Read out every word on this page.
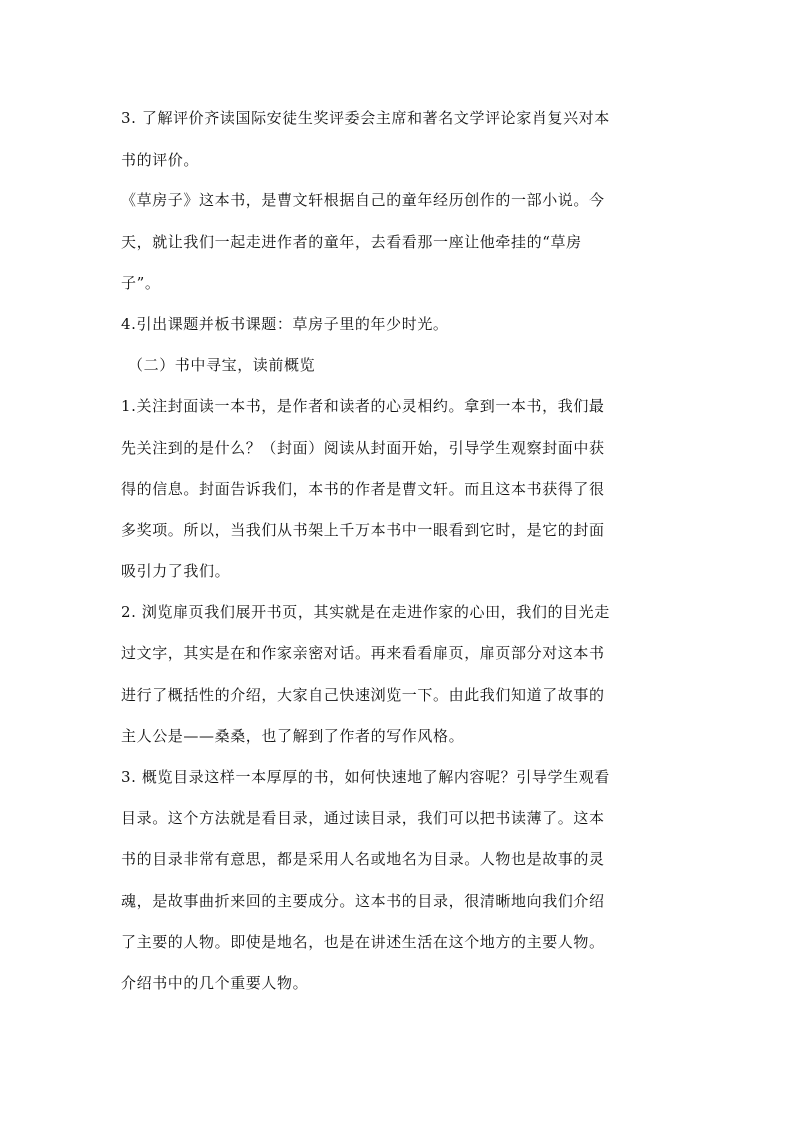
3. 了解评价齐读国际安徒生奖评委会主席和著名文学评论家肖复兴对本
书的评价。
《草房子》这本书，是曹文轩根据自己的童年经历创作的一部小说。今
天，就让我们一起走进作者的童年，去看看那一座让他牵挂的“草房
子”。
4.引出课题并板书课题：草房子里的年少时光。
（二）书中寻宝，读前概览
1.关注封面读一本书，是作者和读者的心灵相约。拿到一本书，我们最
先关注到的是什么？（封面）阅读从封面开始，引导学生观察封面中获
得的信息。封面告诉我们，本书的作者是曹文轩。而且这本书获得了很
多奖项。所以，当我们从书架上千万本书中一眼看到它时，是它的封面
吸引力了我们。
2. 浏览扉页我们展开书页，其实就是在走进作家的心田，我们的目光走
过文字，其实是在和作家亲密对话。再来看看扉页，扉页部分对这本书
进行了概括性的介绍，大家自己快速浏览一下。由此我们知道了故事的
主人公是——桑桑，也了解到了作者的写作风格。
3. 概览目录这样一本厚厚的书，如何快速地了解内容呢？引导学生观看
目录。这个方法就是看目录，通过读目录，我们可以把书读薄了。这本
书的目录非常有意思，都是采用人名或地名为目录。人物也是故事的灵
魂，是故事曲折来回的主要成分。这本书的目录，很清晰地向我们介绍
了主要的人物。即使是地名，也是在讲述生活在这个地方的主要人物。
介绍书中的几个重要人物。
